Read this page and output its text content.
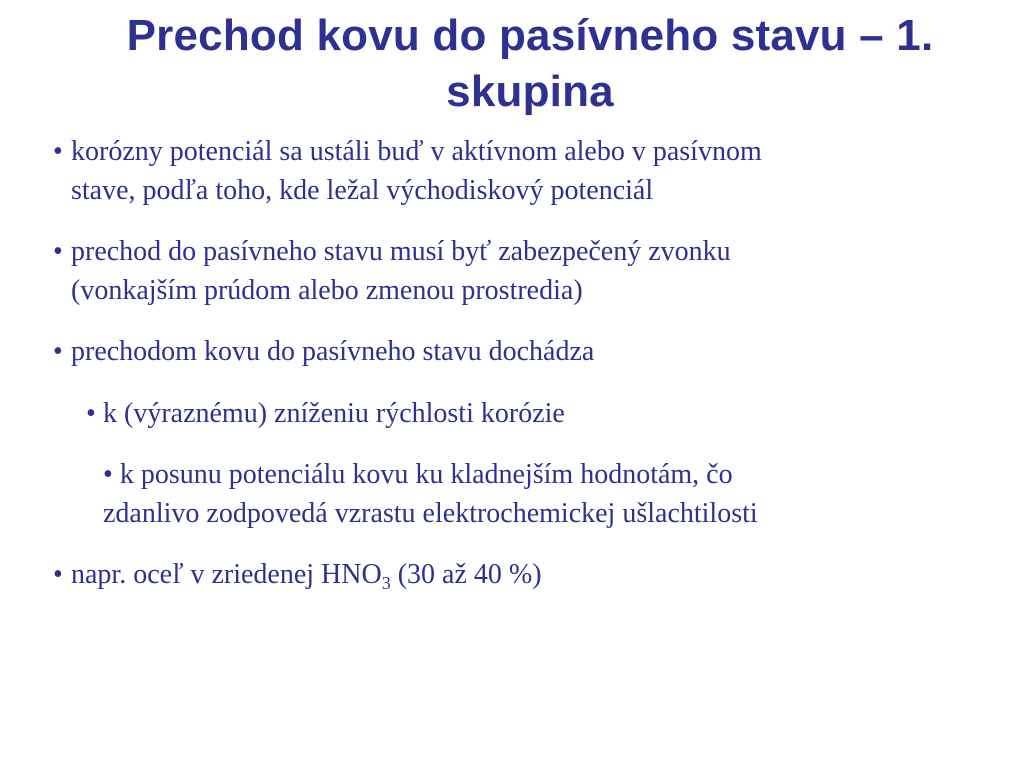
Prechod kovu do pasívneho stavu – 1.
skupina
• korózny potenciál sa ustáli buď v aktívnom alebo v pasívnom
stave, podľa toho, kde ležal východiskový potenciál
• prechod do pasívneho stavu musí byť zabezpečený zvonku
(vonkajším prúdom alebo zmenou prostredia)
• prechodom kovu do pasívneho stavu dochádza
• k (výraznému) zníženiu rýchlosti korózie
• k posunu potenciálu kovu ku kladnejším hodnotám, čo
zdanlivo zodpovedá vzrastu elektrochemickej ušlachtilosti
• napr. oceľ v zriedenej $HNO_3$ (30 až 40 %)
